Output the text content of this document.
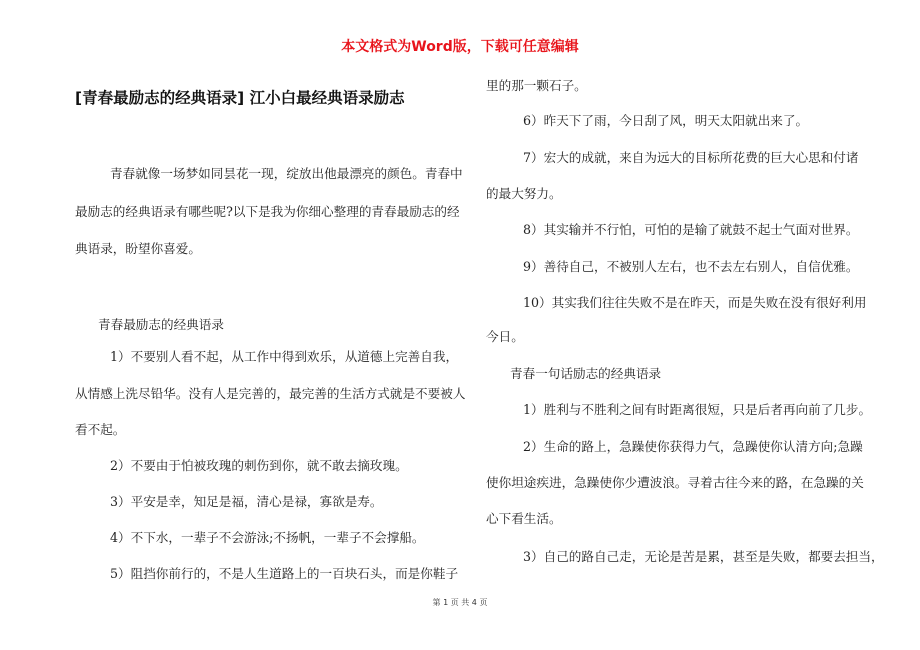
本文格式为Word版，下载可任意编辑
[青春最励志的经典语录] 江小白最经典语录励志

青春就像一场梦如同昙花一现，绽放出他最漂亮的颜色。青春中

最励志的经典语录有哪些呢?以下是我为你细心整理的青春最励志的经

典语录，盼望你喜爱。

青春最励志的经典语录

1）不要别人看不起，从工作中得到欢乐，从道德上完善自我，

从情感上洗尽铅华。没有人是完善的，最完善的生活方式就是不要被人

看不起。

2）不要由于怕被玫瑰的刺伤到你，就不敢去摘玫瑰。

3）平安是幸，知足是福，清心是禄，寡欲是寿。

4）不下水，一辈子不会游泳;不扬帆，一辈子不会撑船。

5）阻挡你前行的，不是人生道路上的一百块石头，而是你鞋子

里的那一颗石子。

6）昨天下了雨，今日刮了风，明天太阳就出来了。

7）宏大的成就，来自为远大的目标所花费的巨大心思和付诸

的最大努力。

8）其实输并不行怕，可怕的是输了就鼓不起士气面对世界。

9）善待自己，不被别人左右，也不去左右别人，自信优雅。

10）其实我们往往失败不是在昨天，而是失败在没有很好利用

今日。

青春一句话励志的经典语录

1）胜利与不胜利之间有时距离很短，只是后者再向前了几步。

2）生命的路上，急躁使你获得力气，急躁使你认清方向;急躁

使你坦途疾进，急躁使你少遭波浪。寻着古往今来的路，在急躁的关

心下看生活。

3）自己的路自己走，无论是苦是累，甚至是失败，都要去担当，

第 1 页 共 4 页
